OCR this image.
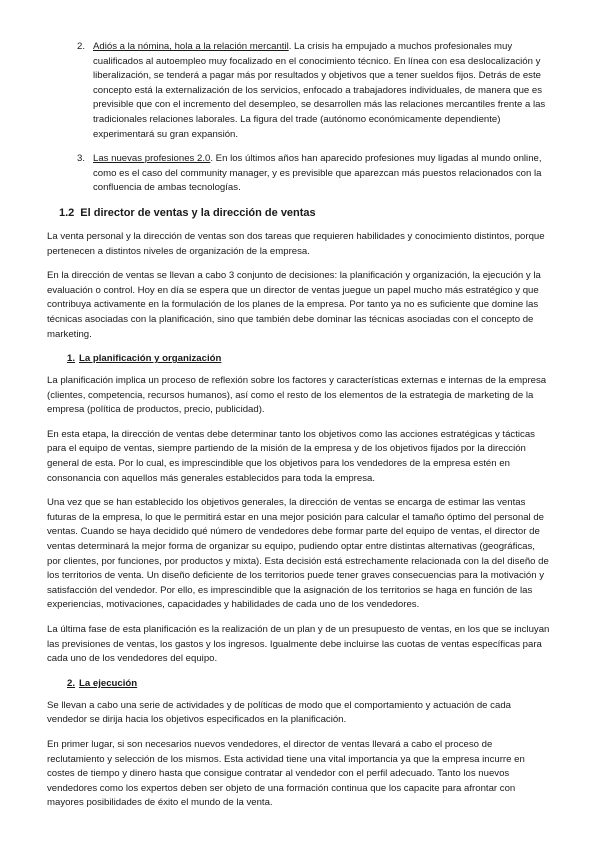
2. Adiós a la nómina, hola a la relación mercantil. La crisis ha empujado a muchos profesionales muy cualificados al autoempleo muy focalizado en el conocimiento técnico. En línea con esa deslocalización y liberalización, se tenderá a pagar más por resultados y objetivos que a tener sueldos fijos. Detrás de este concepto está la externalización de los servicios, enfocado a trabajadores individuales, de manera que es previsible que con el incremento del desempleo, se desarrollen más las relaciones mercantiles frente a las tradicionales relaciones laborales. La figura del trade (autónomo económicamente dependiente) experimentará su gran expansión.
3. Las nuevas profesiones 2.0. En los últimos años han aparecido profesiones muy ligadas al mundo online, como es el caso del community manager, y es previsible que aparezcan más puestos relacionados con la confluencia de ambas tecnologías.
1.2 El director de ventas y la dirección de ventas

La venta personal y la dirección de ventas son dos tareas que requieren habilidades y conocimiento distintos, porque pertenecen a distintos niveles de organización de la empresa.

En la dirección de ventas se llevan a cabo 3 conjunto de decisiones: la planificación y organización, la ejecución y la evaluación o control. Hoy en día se espera que un director de ventas juegue un papel mucho más estratégico y que contribuya activamente en la formulación de los planes de la empresa. Por tanto ya no es suficiente que domine las técnicas asociadas con la planificación, sino que también debe dominar las técnicas asociadas con el concepto de marketing.

1. La planificación y organización

La planificación implica un proceso de reflexión sobre los factores y características externas e internas de la empresa (clientes, competencia, recursos humanos), así como el resto de los elementos de la estrategia de marketing de la empresa (política de productos, precio, publicidad).

En esta etapa, la dirección de ventas debe determinar tanto los objetivos como las acciones estratégicas y tácticas para el equipo de ventas, siempre partiendo de la misión de la empresa y de los objetivos fijados por la dirección general de esta. Por lo cual, es imprescindible que los objetivos para los vendedores de la empresa estén en consonancia con aquellos más generales establecidos para toda la empresa.

Una vez que se han establecido los objetivos generales, la dirección de ventas se encarga de estimar las ventas futuras de la empresa, lo que le permitirá estar en una mejor posición para calcular el tamaño óptimo del personal de ventas. Cuando se haya decidido qué número de vendedores debe formar parte del equipo de ventas, el director de ventas determinará la mejor forma de organizar su equipo, pudiendo optar entre distintas alternativas (geográficas, por clientes, por funciones, por productos y mixta). Esta decisión está estrechamente relacionada con la del diseño de los territorios de venta. Un diseño deficiente de los territorios puede tener graves consecuencias para la motivación y satisfacción del vendedor. Por ello, es imprescindible que la asignación de los territorios se haga en función de las experiencias, motivaciones, capacidades y habilidades de cada uno de los vendedores.

La última fase de esta planificación es la realización de un plan y de un presupuesto de ventas, en los que se incluyan las previsiones de ventas, los gastos y los ingresos. Igualmente debe incluirse las cuotas de ventas específicas para cada uno de los vendedores del equipo.

2. La ejecución

Se llevan a cabo una serie de actividades y de políticas de modo que el comportamiento y actuación de cada vendedor se dirija hacia los objetivos especificados en la planificación.

En primer lugar, si son necesarios nuevos vendedores, el director de ventas llevará a cabo el proceso de reclutamiento y selección de los mismos. Esta actividad tiene una vital importancia ya que la empresa incurre en costes de tiempo y dinero hasta que consigue contratar al vendedor con el perfil adecuado. Tanto los nuevos vendedores como los expertos deben ser objeto de una formación continua que los capacite para afrontar con mayores posibilidades de éxito el mundo de la venta.
